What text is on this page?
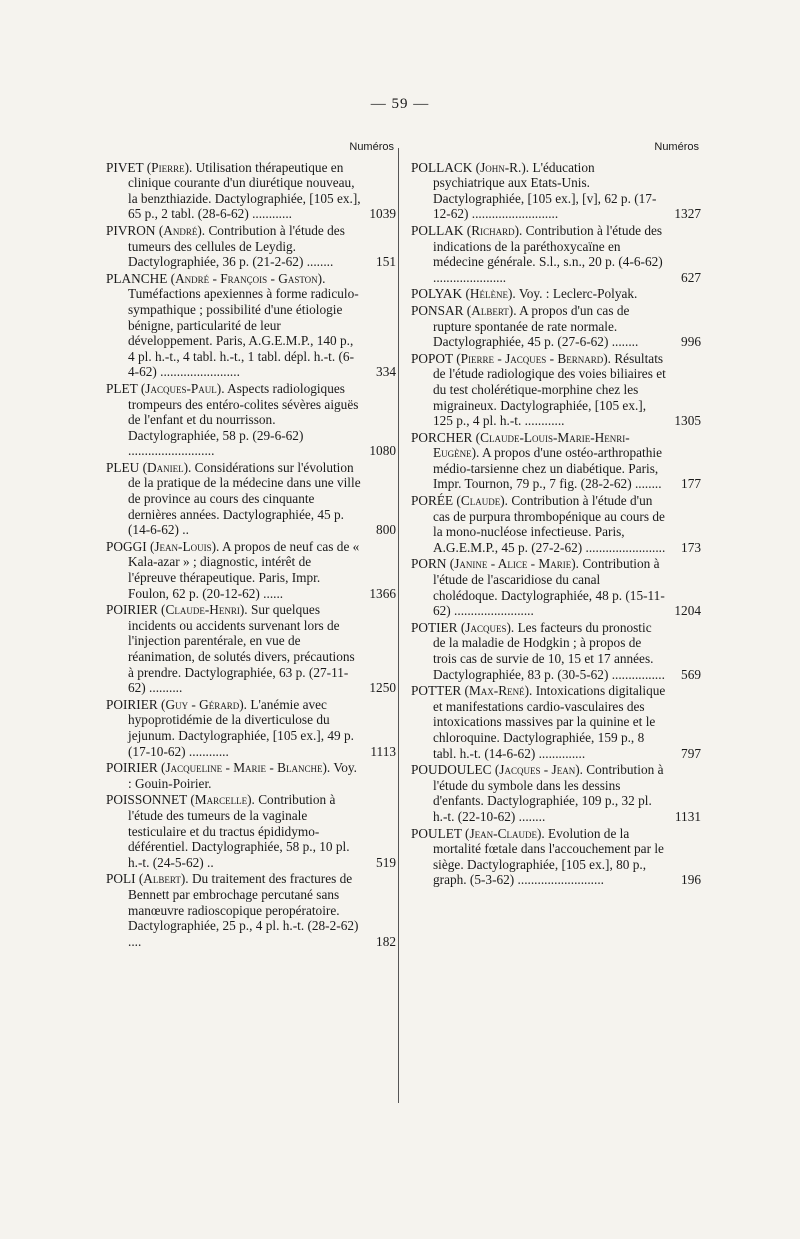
— 59 —
Numéros
PIVET (Pierre). Utilisation thérapeutique en clinique courante d'un diurétique nouveau, la benzthiazide. Dactylographiée, [105 ex.], 65 p., 2 tabl. (28-6-62) ............	1039
PIVRON (André). Contribution à l'étude des tumeurs des cellules de Leydig. Dactylographiée, 36 p. (21-2-62) ........	151
PLANCHE (André - François - Gaston). Tuméfactions apexiennes à forme radiculo-sympathique ; possibilité d'une étiologie bénigne, particularité de leur développement. Paris, A.G.E.M.P., 140 p., 4 pl. h.-t., 4 tabl. h.-t., 1 tabl. dépl. h.-t. (6-4-62) ........................	334
PLET (Jacques-Paul). Aspects radiologiques trompeurs des entéro-colites sévères aiguës de l'enfant et du nourrisson. Dactylographiée, 58 p. (29-6-62) ..........................	1080
PLEU (Daniel). Considérations sur l'évolution de la pratique de la médecine dans une ville de province au cours des cinquante dernières années. Dactylographiée, 45 p. (14-6-62) ..	800
POGGI (Jean-Louis). A propos de neuf cas de « Kala-azar » ; diagnostic, intérêt de l'épreuve thérapeutique. Paris, Impr. Foulon, 62 p. (20-12-62) ......	1366
POIRIER (Claude-Henri). Sur quelques incidents ou accidents survenant lors de l'injection parentérale, en vue de réanimation, de solutés divers, précautions à prendre. Dactylographiée, 63 p. (27-11-62) ..........	1250
POIRIER (Guy - Gérard). L'anémie avec hypoprotidémie de la diverticulose du jejunum. Dactylographiée, [105 ex.], 49 p. (17-10-62) ............	1113
POIRIER (Jacqueline - Marie - Blanche). Voy. : Gouin-Poirier.
POISSONNET (Marcelle). Contribution à l'étude des tumeurs de la vaginale testiculaire et du tractus épididymo-déférentiel. Dactylographiée, 58 p., 10 pl. h.-t. (24-5-62) ..	519
POLI (Albert). Du traitement des fractures de Bennett par embrochage percutané sans manœuvre radioscopique peropératoire. Dactylographiée, 25 p., 4 pl. h.-t. (28-2-62) ....	182
Numéros
POLLACK (John-R.). L'éducation psychiatrique aux Etats-Unis. Dactylographiée, [105 ex.], [v], 62 p. (17-12-62) ..........................	1327
POLLAK (Richard). Contribution à l'étude des indications de la paréthoxycaïne en médecine générale. S.l., s.n., 20 p. (4-6-62) ......................	627
POLYAK (Hélène). Voy. : Leclerc-Polyak.
PONSAR (Albert). A propos d'un cas de rupture spontanée de rate normale. Dactylographiée, 45 p. (27-6-62) ........	996
POPOT (Pierre - Jacques - Bernard). Résultats de l'étude radiologique des voies biliaires et du test cholérétique-morphine chez les migraineux. Dactylographiée, [105 ex.], 125 p., 4 pl. h.-t. ............	1305
PORCHER (Claude-Louis-Marie-Henri-Eugène). A propos d'une ostéo-arthropathie médio-tarsienne chez un diabétique. Paris, Impr. Tournon, 79 p., 7 fig. (28-2-62) ........ 177
PORÉE (Claude). Contribution à l'étude d'un cas de purpura thrombopénique au cours de la mono-nucléose infectieuse. Paris, A.G.E.M.P., 45 p. (27-2-62) ........................ 173
PORN (Janine - Alice - Marie). Contribution à l'étude de l'ascaridiose du canal cholédoque. Dactylographiée, 48 p. (15-11-62) ........................	1204
POTIER (Jacques). Les facteurs du pronostic de la maladie de Hodgkin ; à propos de trois cas de survie de 10, 15 et 17 années. Dactylographiée, 83 p. (30-5-62) ................ 569
POTTER (Max-René). Intoxications digitalique et manifestations cardio-vasculaires des intoxications massives par la quinine et le chloroquine. Dactylographiée, 159 p., 8 tabl. h.-t. (14-6-62) ..............	797
POUDOULEC (Jacques - Jean). Contribution à l'étude du symbole dans les dessins d'enfants. Dactylographiée, 109 p., 32 pl. h.-t. (22-10-62) ........	1131
POULET (Jean-Claude). Evolution de la mortalité fœtale dans l'accouchement par le siège. Dactylographiée, [105 ex.], 80 p., graph. (5-3-62) ..........................	196
